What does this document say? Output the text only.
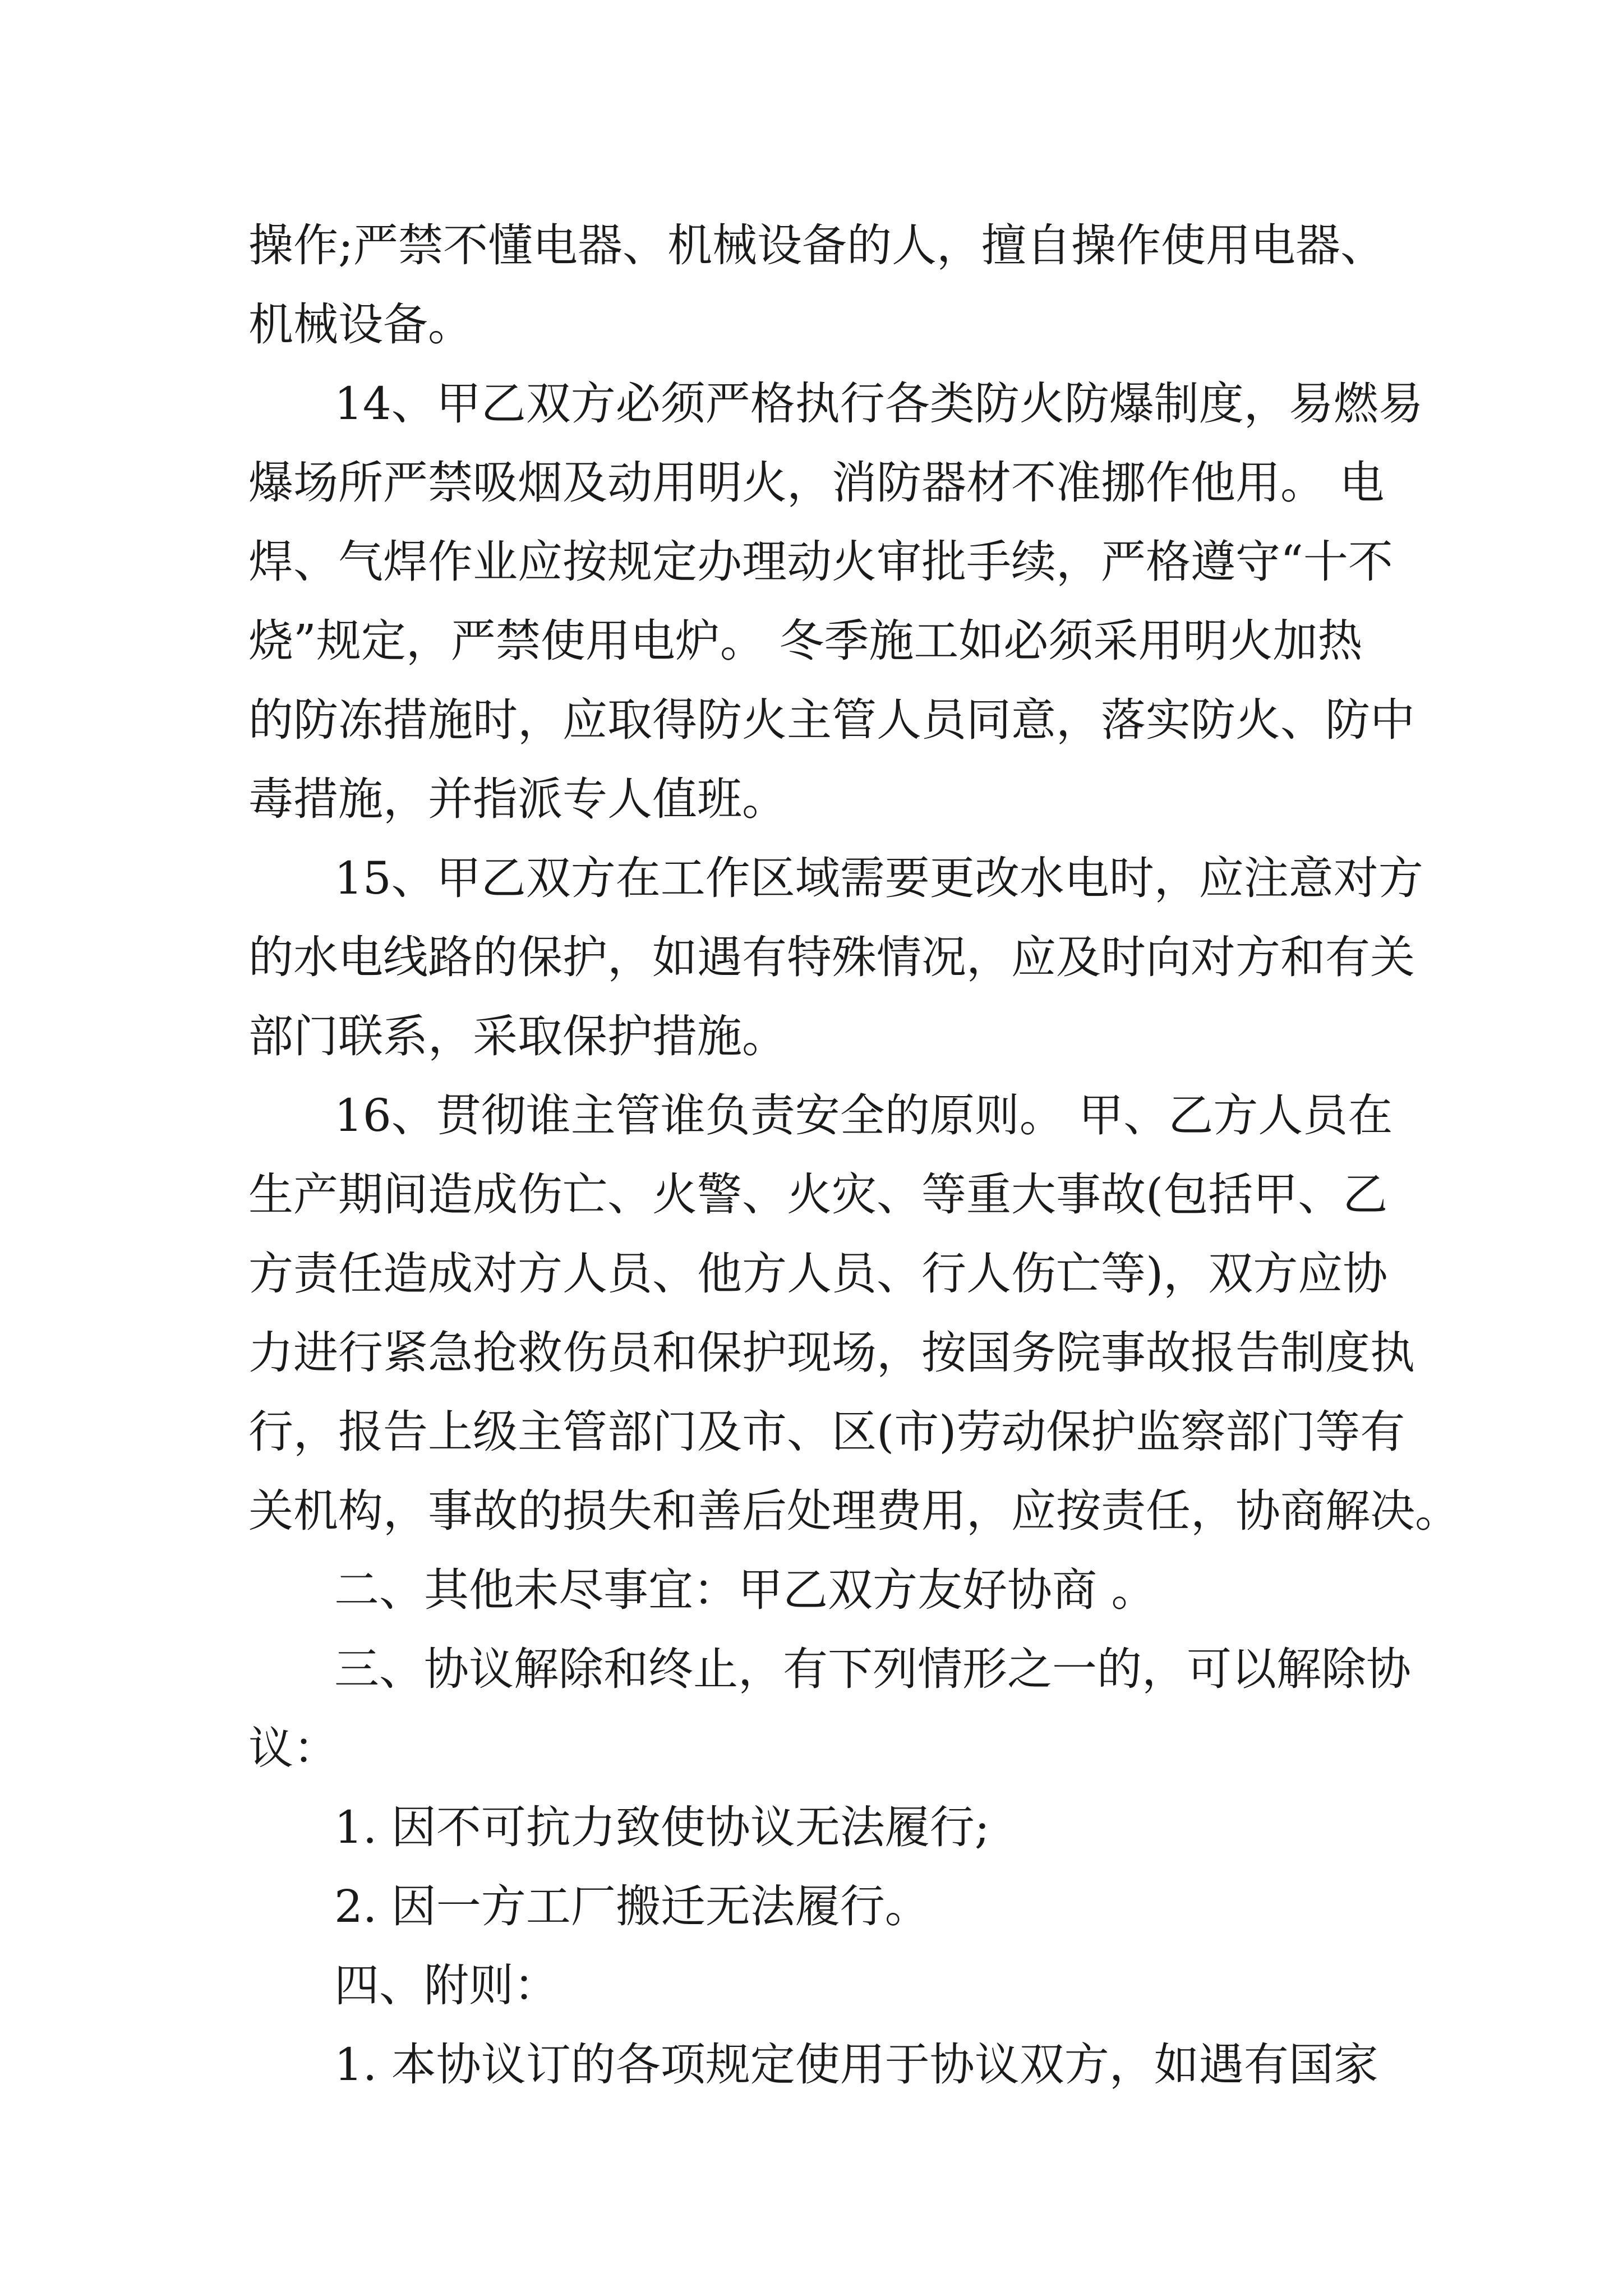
操作;严禁不懂电器、机械设备的人，擅自操作使用电器、
机械设备。
14、甲乙双方必须严格执行各类防火防爆制度，易燃易
爆场所严禁吸烟及动用明火，消防器材不准挪作他用。 电
焊、气焊作业应按规定办理动火审批手续，严格遵守“十不
烧”规定，严禁使用电炉。 冬季施工如必须采用明火加热
的防冻措施时，应取得防火主管人员同意，落实防火、防中
毒措施，并指派专人值班。
15、甲乙双方在工作区域需要更改水电时，应注意对方
的水电线路的保护，如遇有特殊情况，应及时向对方和有关
部门联系，采取保护措施。
16、贯彻谁主管谁负责安全的原则。 甲、乙方人员在
生产期间造成伤亡、火警、火灾、等重大事故(包括甲、乙
方责任造成对方人员、他方人员、行人伤亡等)，双方应协
力进行紧急抢救伤员和保护现场，按国务院事故报告制度执
行，报告上级主管部门及市、区(市)劳动保护监察部门等有
关机构，事故的损失和善后处理费用，应按责任，协商解决。
二、其他未尽事宜：甲乙双方友好协商 。
三、协议解除和终止，有下列情形之一的，可以解除协
议：
1. 因不可抗力致使协议无法履行;
2. 因一方工厂搬迁无法履行。
四、附则：
1. 本协议订的各项规定使用于协议双方，如遇有国家
